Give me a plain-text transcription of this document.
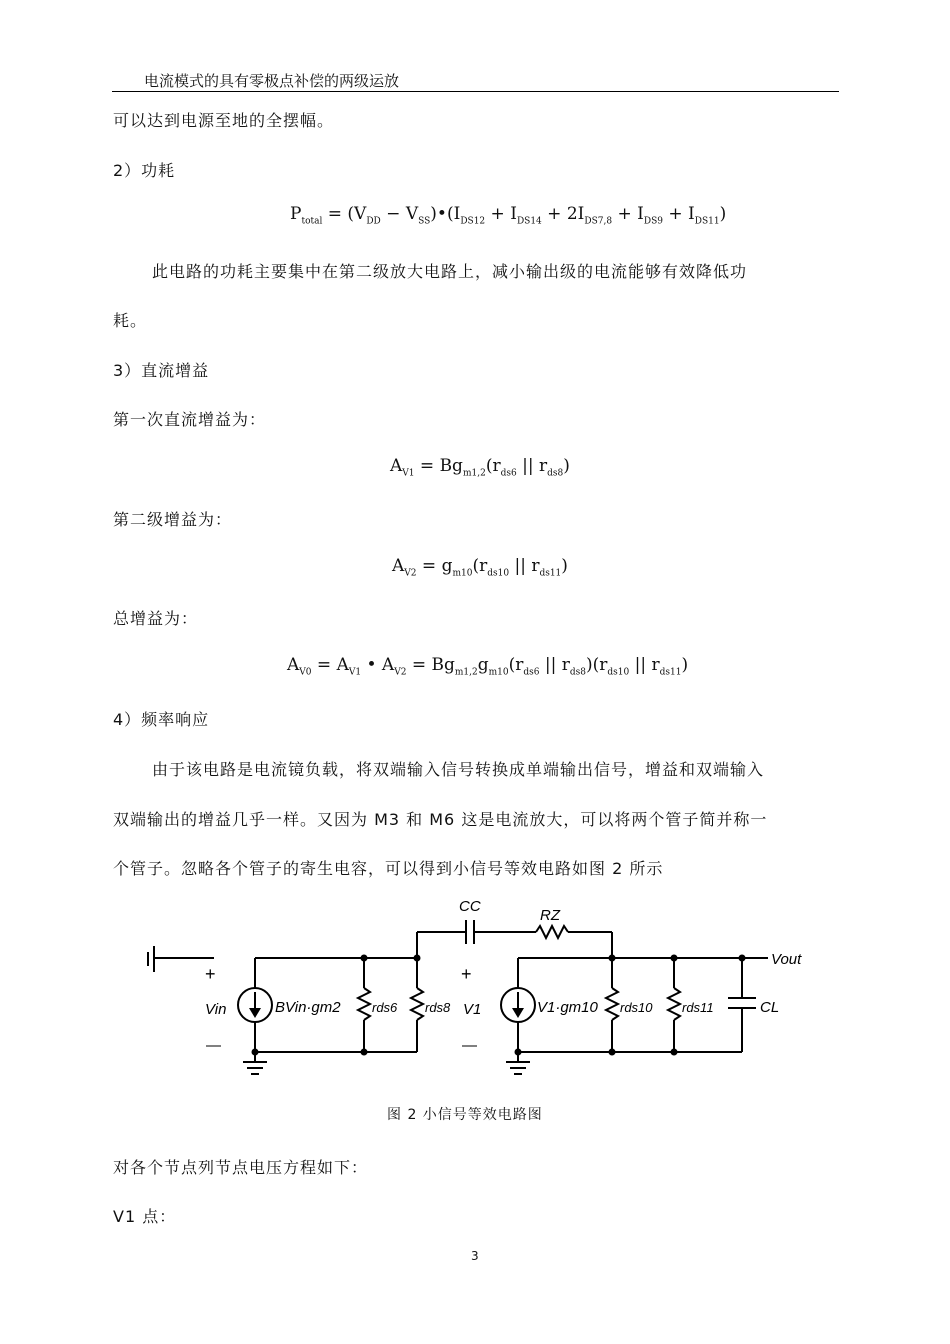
电流模式的具有零极点补偿的两级运放
可以达到电源至地的全摆幅。
2）功耗
$P_{total} = (V_{DD}$ − $V_{SS})•(I_{DS12} + I_{DS14} + 2I_{DS7,8} + I_{DS9} + I_{DS11})$
此电路的功耗主要集中在第二级放大电路上，减小输出级的电流能够有效降低功
耗。
3）直流增益
第一次直流增益为：
$A_{V1} = Bg_{m1,2}(r_{ds6}$ || $r_{ds8}$)
第二级增益为：
$A_{V2} = g_{m10}(r_{ds10}$ || $r_{ds11}$)
总增益为：
$A_{V0} = A_{V1}$ • $A_{V2} = Bg_{m1,2}g_{m10}(r_{ds6}$ || $r_{ds8})(r_{ds10}$ || $r_{ds11}$)
4）频率响应
由于该电路是电流镜负载，将双端输入信号转换成单端输出信号，增益和双端输入
双端输出的增益几乎一样。又因为 M3 和 M6 这是电流放大，可以将两个管子简并称一
个管子。忽略各个管子的寄生电容，可以得到小信号等效电路如图 2 所示
CC
RZ
Vout
+	+
Vin	V1
BVin·gm2 rds6 rds8	V1·gm10 rds10 rds11	CL
—	—
图 2 小信号等效电路图
对各个节点列节点电压方程如下：
V1 点：
3
